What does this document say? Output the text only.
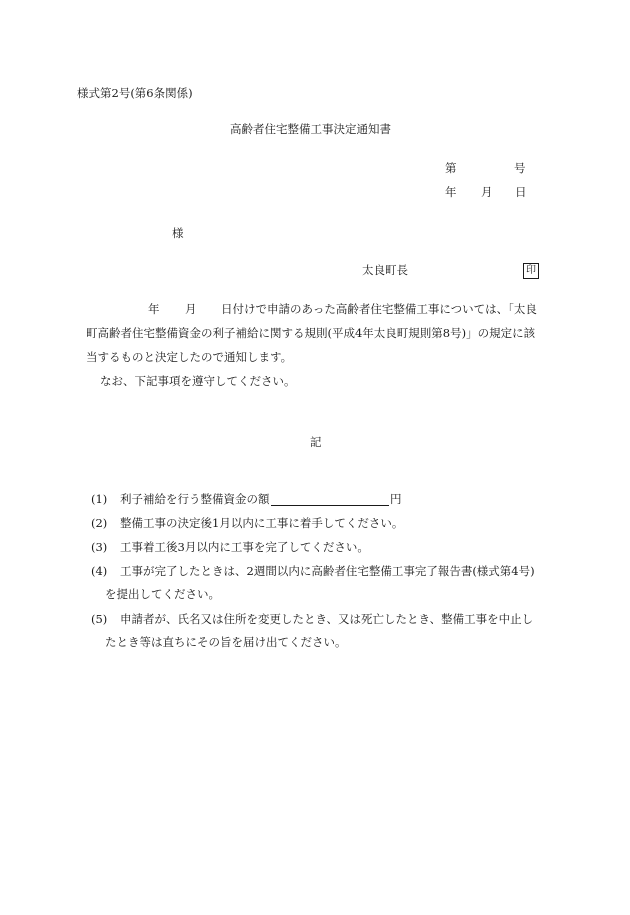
様式第2号(第6条関係)
高齢者住宅整備工事決定通知書
第	号
年 月 日
様
太良町長	印
年 月 日付けで申請のあった高齢者住宅整備工事については、「太良
町高齢者住宅整備資金の利子補給に関する規則(平成4年太良町規則第8号)」の規定に該
当するものと決定したので通知します。
なお、下記事項を遵守してください。
記
(1) 利子補給を行う整備資金の額	円
(2) 整備工事の決定後1月以内に工事に着手してください。
(3) 工事着工後3月以内に工事を完了してください。
(4) 工事が完了したときは、2週間以内に高齢者住宅整備工事完了報告書(様式第4号)
を提出してください。
(5) 申請者が、氏名又は住所を変更したとき、又は死亡したとき、整備工事を中止し
たとき等は直ちにその旨を届け出てください。
